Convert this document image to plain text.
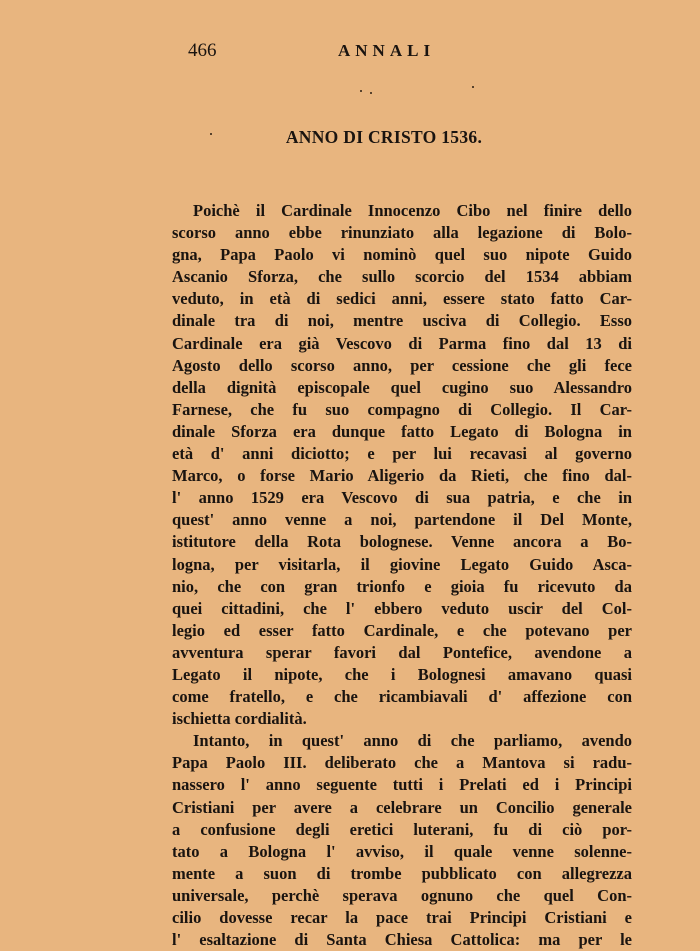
466	ANNALI
ANNO DI CRISTO 1536.
Poichè il Cardinale Innocenzo Cibo nel finire dello
scorso anno ebbe rinunziato alla legazione di Bolo-
gna, Papa Paolo vi nominò quel suo nipote Guido
Ascanio Sforza, che sullo scorcio del 1534 abbiam
veduto, in età di sedici anni, essere stato fatto Car-
dinale tra di noi, mentre usciva di Collegio. Esso
Cardinale era già Vescovo di Parma fino dal 13 di
Agosto dello scorso anno, per cessione che gli fece
della dignità episcopale quel cugino suo Alessandro
Farnese, che fu suo compagno di Collegio. Il Car-
dinale Sforza era dunque fatto Legato di Bologna in
età d' anni diciotto; e per lui recavasi al governo
Marco, o forse Mario Aligerio da Rieti, che fino dal-
l' anno 1529 era Vescovo di sua patria, e che in
quest' anno venne a noi, partendone il Del Monte,
istitutore della Rota bolognese. Venne ancora a Bo-
logna, per visitarla, il giovine Legato Guido Asca-
nio, che con gran trionfo e gioia fu ricevuto da
quei cittadini, che l' ebbero veduto uscir del Col-
legio ed esser fatto Cardinale, e che potevano per
avventura sperar favori dal Pontefice, avendone a
Legato il nipote, che i Bolognesi amavano quasi
come fratello, e che ricambiavali d' affezione con
ischietta cordialità.
Intanto, in quest' anno di che parliamo, avendo
Papa Paolo III. deliberato che a Mantova si radu-
nassero l' anno seguente tutti i Prelati ed i Principi
Cristiani per avere a celebrare un Concilio generale
a confusione degli eretici luterani, fu di ciò por-
tato a Bologna l' avviso, il quale venne solenne-
mente a suon di trombe pubblicato con allegrezza
universale, perchè sperava ognuno che quel Con-
cilio dovesse recar la pace trai Principi Cristiani e
l' esaltazione di Santa Chiesa Cattolica: ma per le
